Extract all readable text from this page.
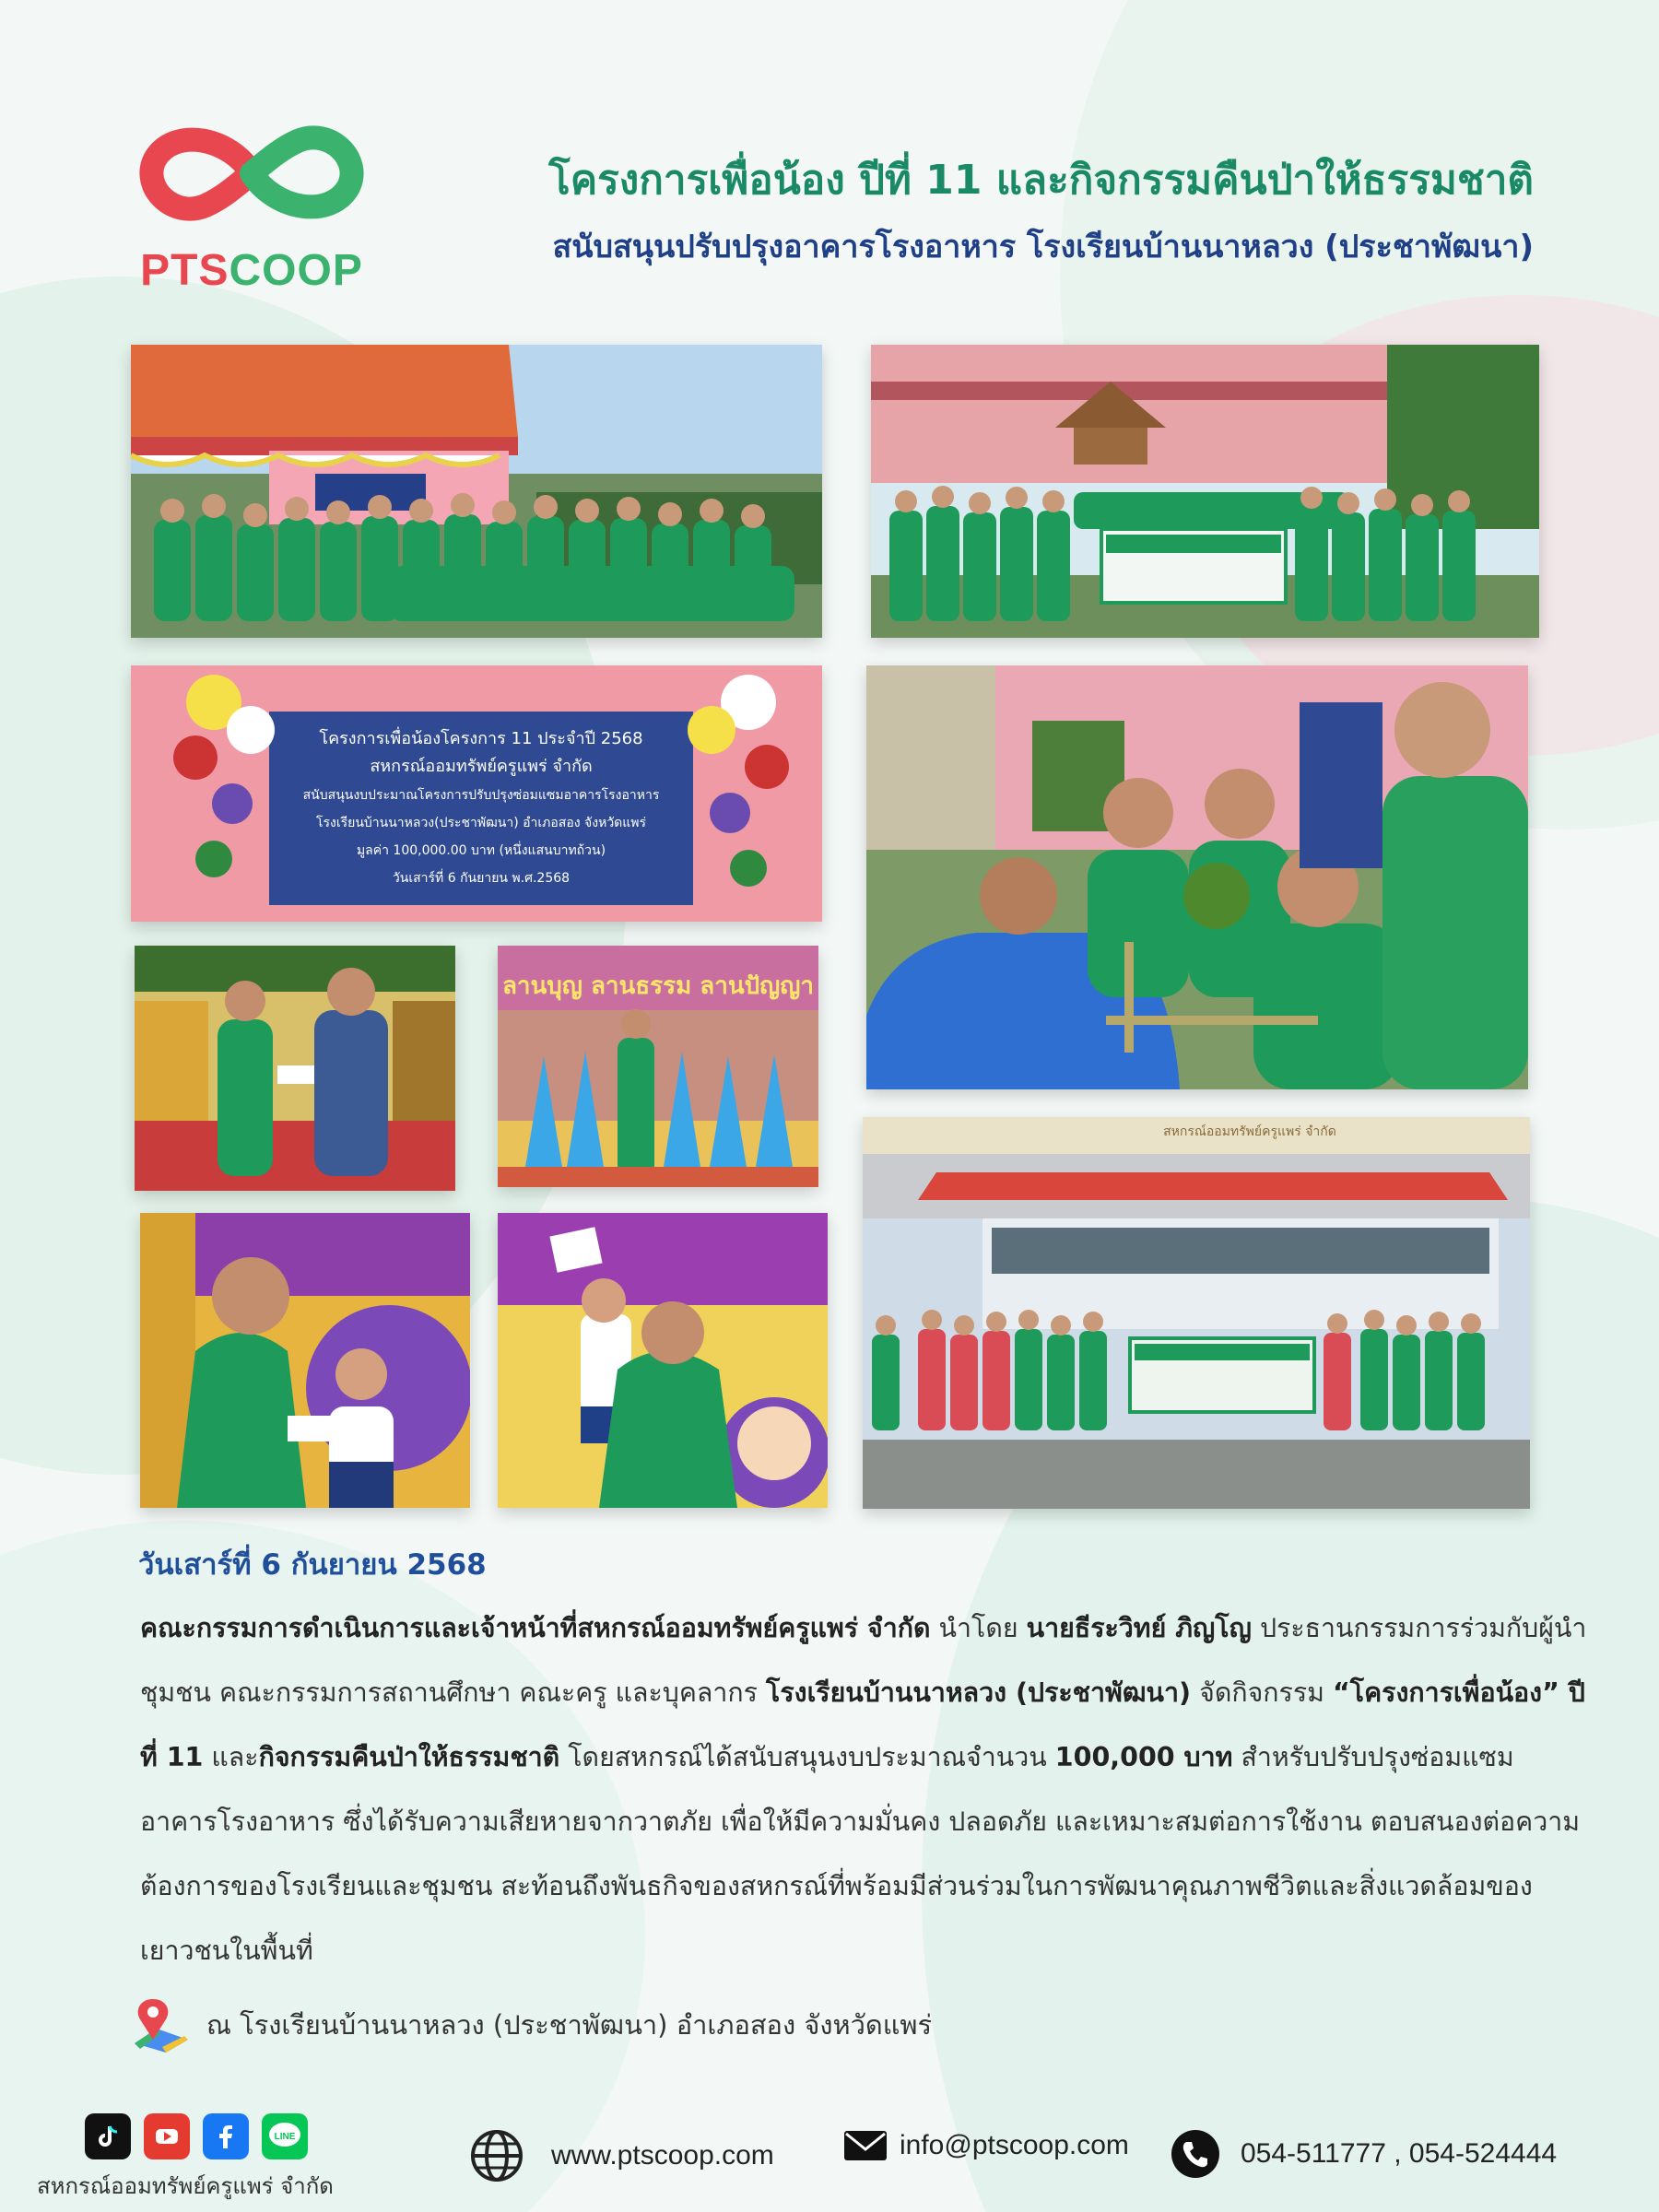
PTSCOOP
โครงการเพื่อน้อง ปีที่ 11 และกิจกรรมคืนป่าให้ธรรมชาติ
สนับสนุนปรับปรุงอาคารโรงอาหาร โรงเรียนบ้านนาหลวง (ประชาพัฒนา)
โครงการเพื่อน้องโครงการ 11 ประจำปี 2568
สหกรณ์ออมทรัพย์ครูแพร่ จำกัด
สนับสนุนงบประมาณโครงการปรับปรุงซ่อมแซมอาคารโรงอาหาร
โรงเรียนบ้านนาหลวง(ประชาพัฒนา) อำเภอสอง จังหวัดแพร่
มูลค่า 100,000.00 บาท (หนึ่งแสนบาทถ้วน)
วันเสาร์ที่ 6 กันยายน พ.ศ.2568
ลานบุญ ลานธรรม ลานปัญญา
สหกรณ์ออมทรัพย์ครูแพร่ จำกัด
วันเสาร์ที่ 6 กันยายน 2568
คณะกรรมการดำเนินการและเจ้าหน้าที่สหกรณ์ออมทรัพย์ครูแพร่ จำกัด นำโดย นายธีระวิทย์ ภิญโญ ประธานกรรมการร่วมกับผู้นำชุมชน คณะกรรมการสถานศึกษา คณะครู และบุคลากร โรงเรียนบ้านนาหลวง (ประชาพัฒนา) จัดกิจกรรม “โครงการเพื่อน้อง” ปีที่ 11 และกิจกรรมคืนป่าให้ธรรมชาติ โดยสหกรณ์ได้สนับสนุนงบประมาณจำนวน 100,000 บาท สำหรับปรับปรุงซ่อมแซมอาคารโรงอาหาร ซึ่งได้รับความเสียหายจากวาตภัย เพื่อให้มีความมั่นคง ปลอดภัย และเหมาะสมต่อการใช้งาน ตอบสนองต่อความต้องการของโรงเรียนและชุมชน สะท้อนถึงพันธกิจของสหกรณ์ที่พร้อมมีส่วนร่วมในการพัฒนาคุณภาพชีวิตและสิ่งแวดล้อมของเยาวชนในพื้นที่
ณ โรงเรียนบ้านนาหลวง (ประชาพัฒนา) อำเภอสอง จังหวัดแพร่
LINE
สหกรณ์ออมทรัพย์ครูแพร่ จำกัด
www.ptscoop.com	info@ptscoop.com	054-511777 , 054-524444
